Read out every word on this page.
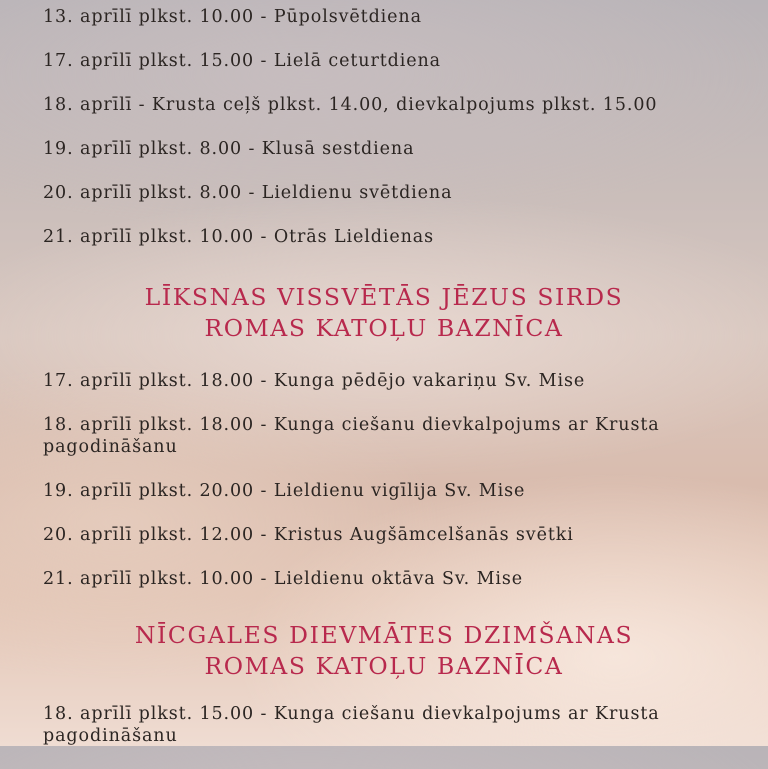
13. aprīlī plkst. 10.00 - Pūpolsvētdiena
17. aprīlī plkst. 15.00 - Lielā ceturtdiena
18. aprīlī - Krusta ceļš plkst. 14.00, dievkalpojums plkst. 15.00
19. aprīlī plkst. 8.00 - Klusā sestdiena
20. aprīlī plkst. 8.00 - Lieldienu svētdiena
21. aprīlī plkst. 10.00 - Otrās Lieldienas
LĪKSNAS VISSVĒTĀS JĒZUS SIRDS
ROMAS KATOĻU BAZNĪCA
17. aprīlī plkst. 18.00 - Kunga pēdējo vakariņu Sv. Mise
18. aprīlī plkst. 18.00 - Kunga ciešanu dievkalpojums ar Krusta pagodināšanu
19. aprīlī plkst. 20.00 - Lieldienu vigīlija Sv. Mise
20. aprīlī plkst. 12.00 - Kristus Augšāmcelšanās svētki
21. aprīlī plkst. 10.00 - Lieldienu oktāva Sv. Mise
NĪCGALES DIEVMĀTES DZIMŠANAS
ROMAS KATOĻU BAZNĪCA
18. aprīlī plkst. 15.00 - Kunga ciešanu dievkalpojums ar Krusta pagodināšanu
